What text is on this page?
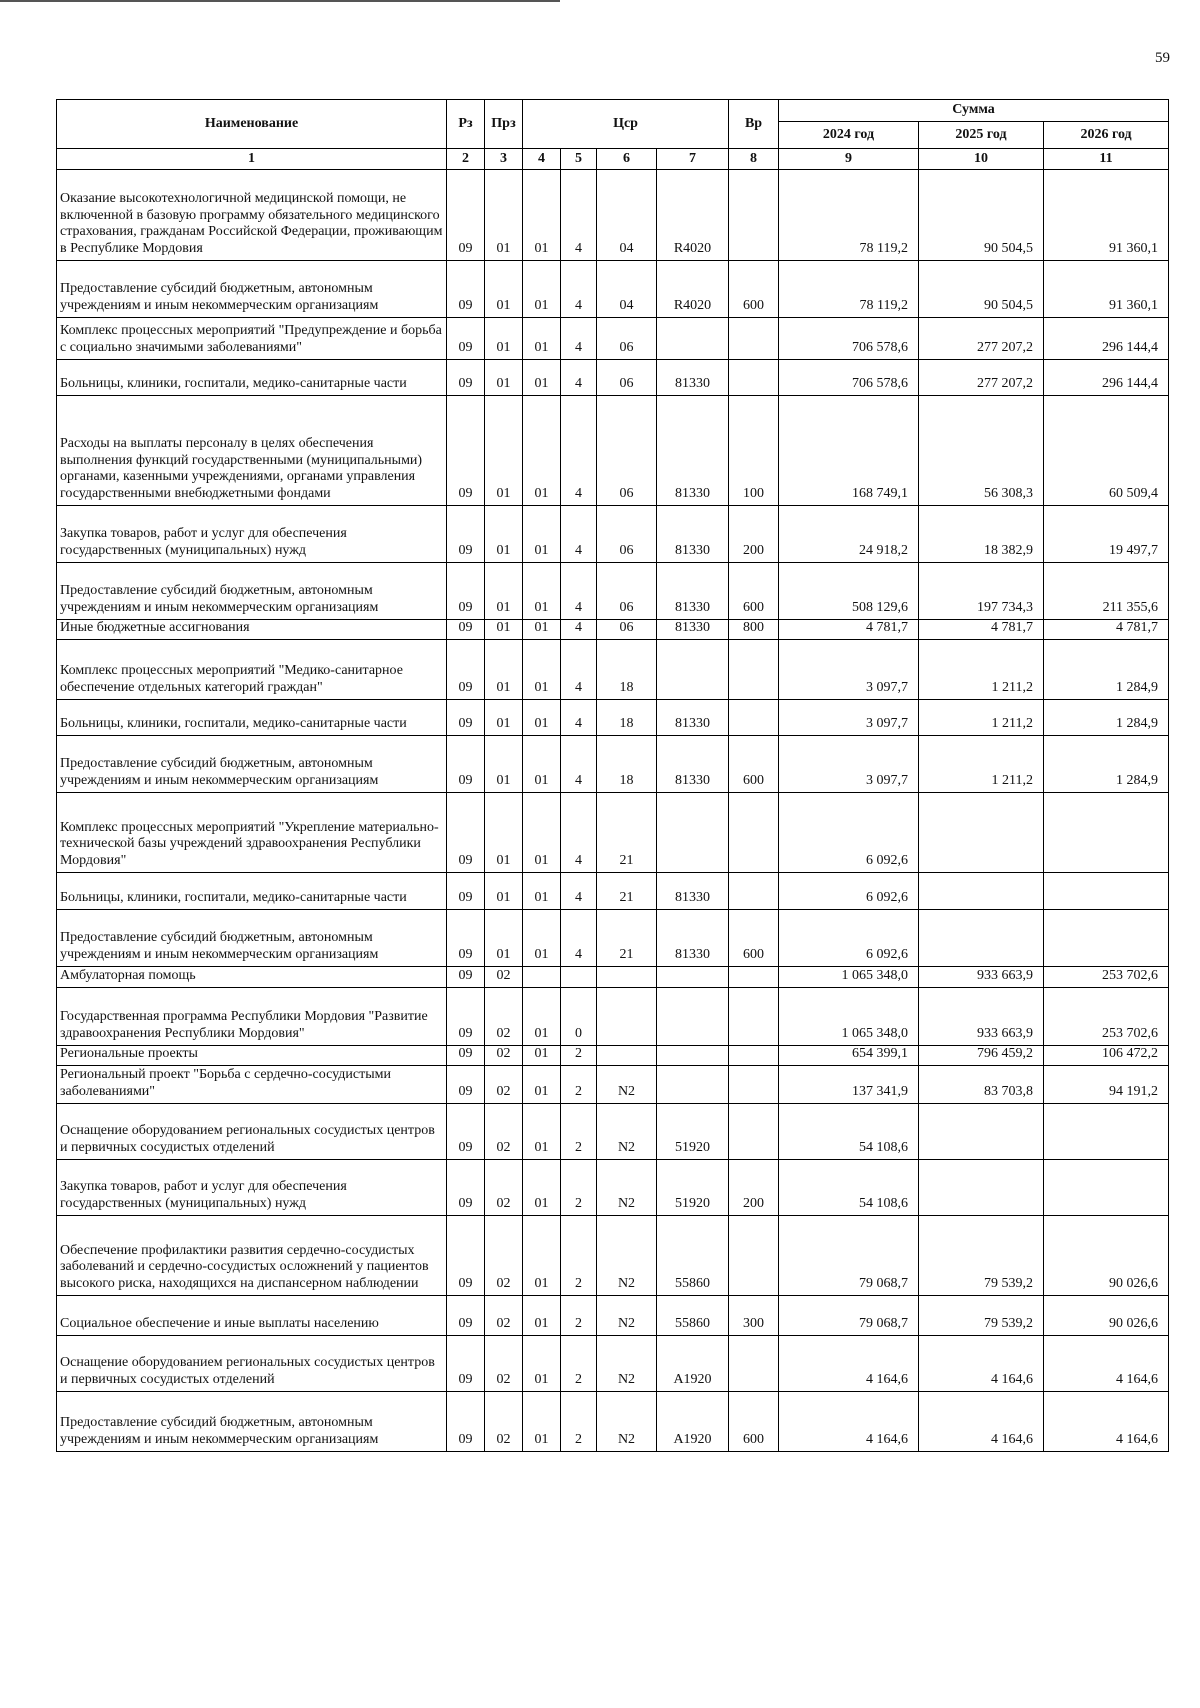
59
Наименование	Рз	Прз	Цср				Вр	Сумма		
								2024 год	2025 год	2026 год
1	2	3	4	5	6	7	8	9	10	11
Оказание высокотехнологичной медицинской помощи, не включенной в базовую программу обязательного медицинского страхования, гражданам Российской Федерации, проживающим в Республике Мордовия	09	01	01	4	04	R4020		78 119,2	90 504,5	91 360,1
Предоставление субсидий бюджетным, автономным учреждениям и иным некоммерческим организациям	09	01	01	4	04	R4020	600	78 119,2	90 504,5	91 360,1
Комплекс процессных мероприятий "Предупреждение и борьба с социально значимыми заболеваниями"	09	01	01	4	06			706 578,6	277 207,2	296 144,4
Больницы, клиники, госпитали, медико-санитарные части	09	01	01	4	06	81330		706 578,6	277 207,2	296 144,4
Расходы на выплаты персоналу в целях обеспечения выполнения функций государственными (муниципальными) органами, казенными учреждениями, органами управления государственными внебюджетными фондами	09	01	01	4	06	81330	100	168 749,1	56 308,3	60 509,4
Закупка товаров, работ и услуг для обеспечения государственных (муниципальных) нужд	09	01	01	4	06	81330	200	24 918,2	18 382,9	19 497,7
Предоставление субсидий бюджетным, автономным учреждениям и иным некоммерческим организациям	09	01	01	4	06	81330	600	508 129,6	197 734,3	211 355,6
Иные бюджетные ассигнования	09	01	01	4	06	81330	800	4 781,7	4 781,7	4 781,7
Комплекс процессных мероприятий "Медико-санитарное обеспечение отдельных категорий граждан"	09	01	01	4	18			3 097,7	1 211,2	1 284,9
Больницы, клиники, госпитали, медико-санитарные части	09	01	01	4	18	81330		3 097,7	1 211,2	1 284,9
Предоставление субсидий бюджетным, автономным учреждениям и иным некоммерческим организациям	09	01	01	4	18	81330	600	3 097,7	1 211,2	1 284,9
Комплекс процессных мероприятий "Укрепление материально-технической базы учреждений здравоохранения Республики Мордовия"	09	01	01	4	21			6 092,6		
Больницы, клиники, госпитали, медико-санитарные части	09	01	01	4	21	81330		6 092,6		
Предоставление субсидий бюджетным, автономным учреждениям и иным некоммерческим организациям	09	01	01	4	21	81330	600	6 092,6		
Амбулаторная помощь	09	02						1 065 348,0	933 663,9	253 702,6
Государственная программа Республики Мордовия "Развитие здравоохранения Республики Мордовия"	09	02	01	0				1 065 348,0	933 663,9	253 702,6
Региональные проекты	09	02	01	2				654 399,1	796 459,2	106 472,2
Региональный проект "Борьба с сердечно-сосудистыми заболеваниями"	09	02	01	2	N2			137 341,9	83 703,8	94 191,2
Оснащение оборудованием региональных сосудистых центров и первичных сосудистых отделений	09	02	01	2	N2	51920		54 108,6		
Закупка товаров, работ и услуг для обеспечения государственных (муниципальных) нужд	09	02	01	2	N2	51920	200	54 108,6		
Обеспечение профилактики развития сердечно-сосудистых заболеваний и сердечно-сосудистых осложнений у пациентов высокого риска, находящихся на диспансерном наблюдении	09	02	01	2	N2	55860		79 068,7	79 539,2	90 026,6
Социальное обеспечение и иные выплаты населению	09	02	01	2	N2	55860	300	79 068,7	79 539,2	90 026,6
Оснащение оборудованием региональных сосудистых центров и первичных сосудистых отделений	09	02	01	2	N2	A1920		4 164,6	4 164,6	4 164,6
Предоставление субсидий бюджетным, автономным учреждениям и иным некоммерческим организациям	09	02	01	2	N2	A1920	600	4 164,6	4 164,6	4 164,6
